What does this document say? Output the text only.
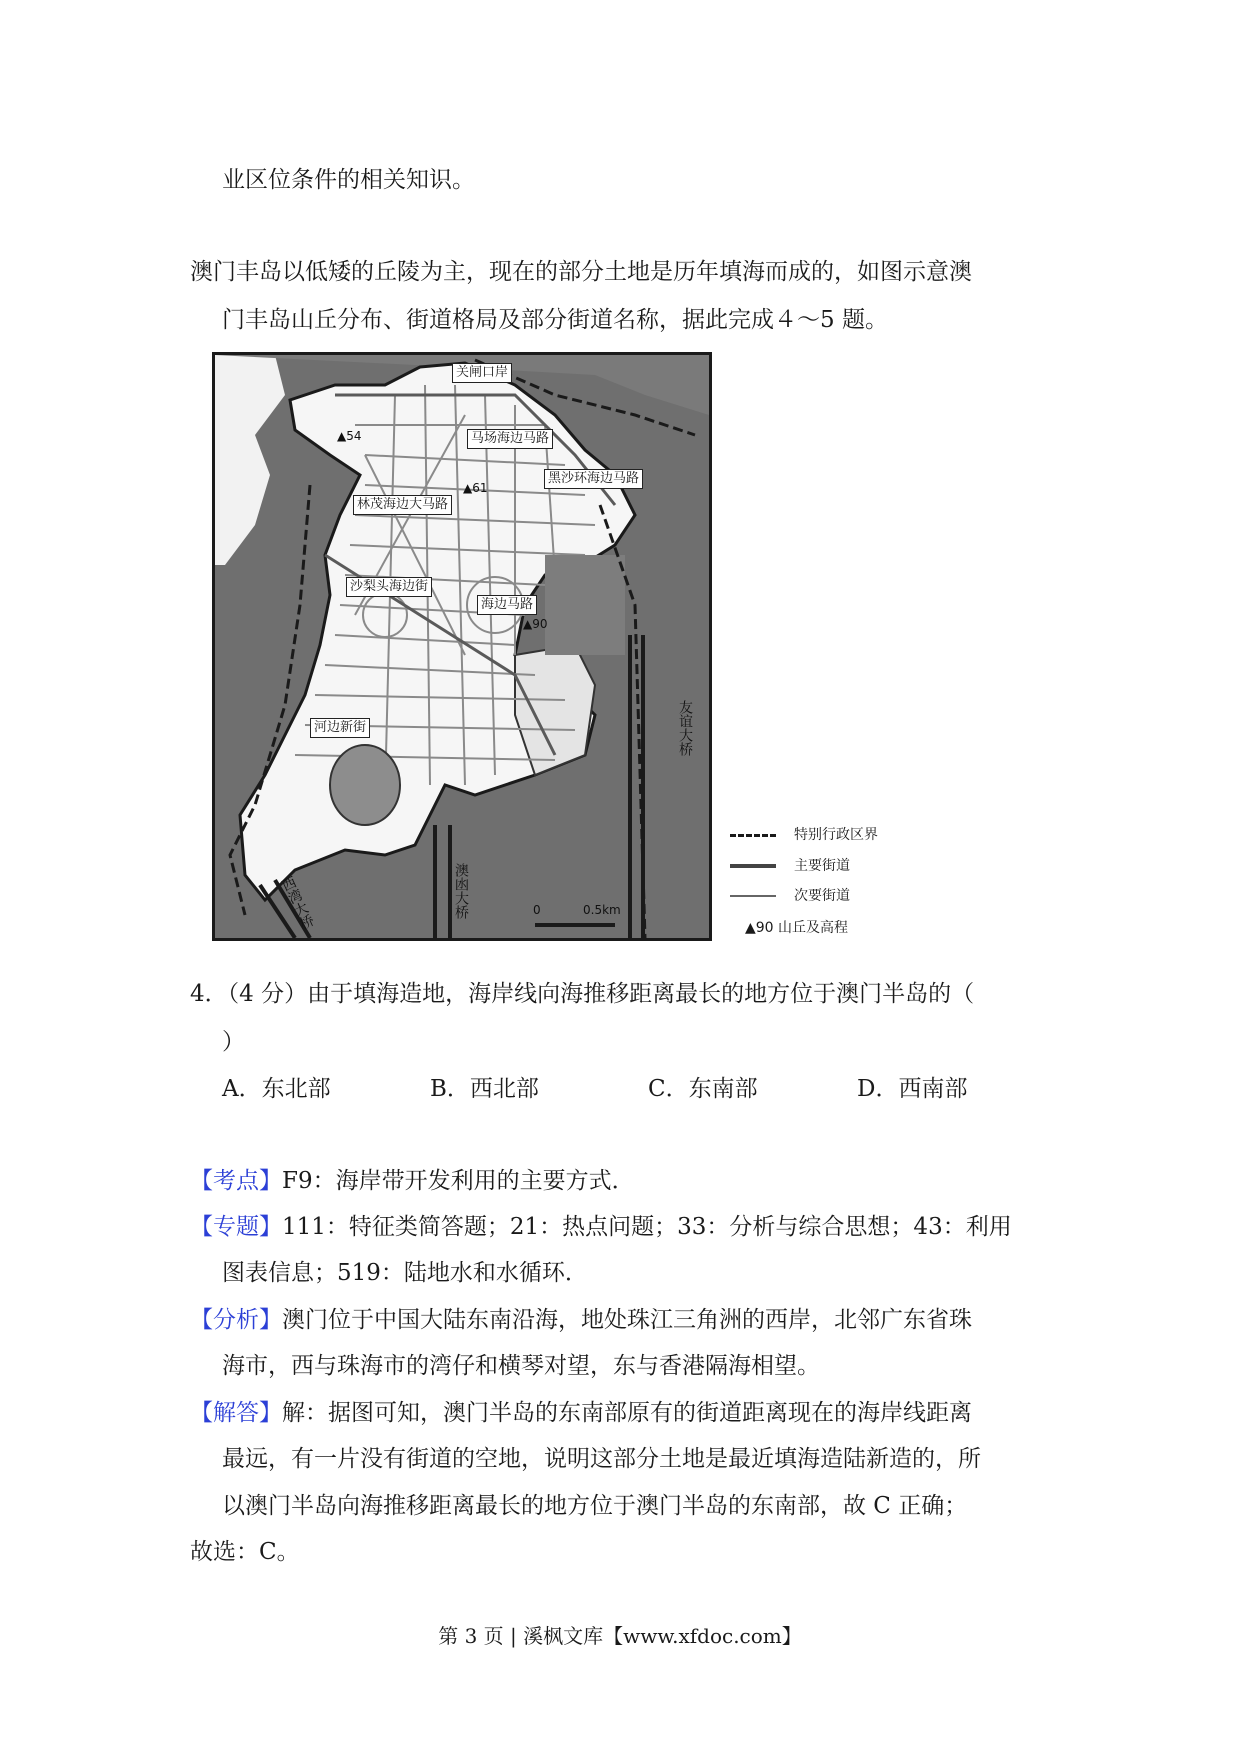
业区位条件的相关知识。
澳门丰岛以低矮的丘陵为主，现在的部分土地是历年填海而成的，如图示意澳
门丰岛山丘分布、街道格局及部分街道名称，据此完成４～5 题。
关闸口岸
马场海边马路
黑沙环海边马路
林茂海边大马路
沙梨头海边街
海边马路
河边新街
▲54
▲61
▲90
友谊大桥
西湾大桥	澳凼大桥	0	0.5km
特别行政区界
主要街道
次要街道
▲90 山丘及高程
4．（4 分）由于填海造地，海岸线向海推移距离最长的地方位于澳门半岛的（
）
A．东北部	B．西北部	C．东南部	D．西南部
【考点】F9：海岸带开发利用的主要方式．
【专题】111：特征类简答题；21：热点问题；33：分析与综合思想；43：利用
图表信息；519：陆地水和水循环．
【分析】澳门位于中国大陆东南沿海，地处珠江三角洲的西岸，北邻广东省珠
海市，西与珠海市的湾仔和横琴对望，东与香港隔海相望。
【解答】解：据图可知，澳门半岛的东南部原有的街道距离现在的海岸线距离
最远，有一片没有街道的空地，说明这部分土地是最近填海造陆新造的，所
以澳门半岛向海推移距离最长的地方位于澳门半岛的东南部，故 C 正确；
故选：C。
第 3 页 | 溪枫文库【www.xfdoc.com】
